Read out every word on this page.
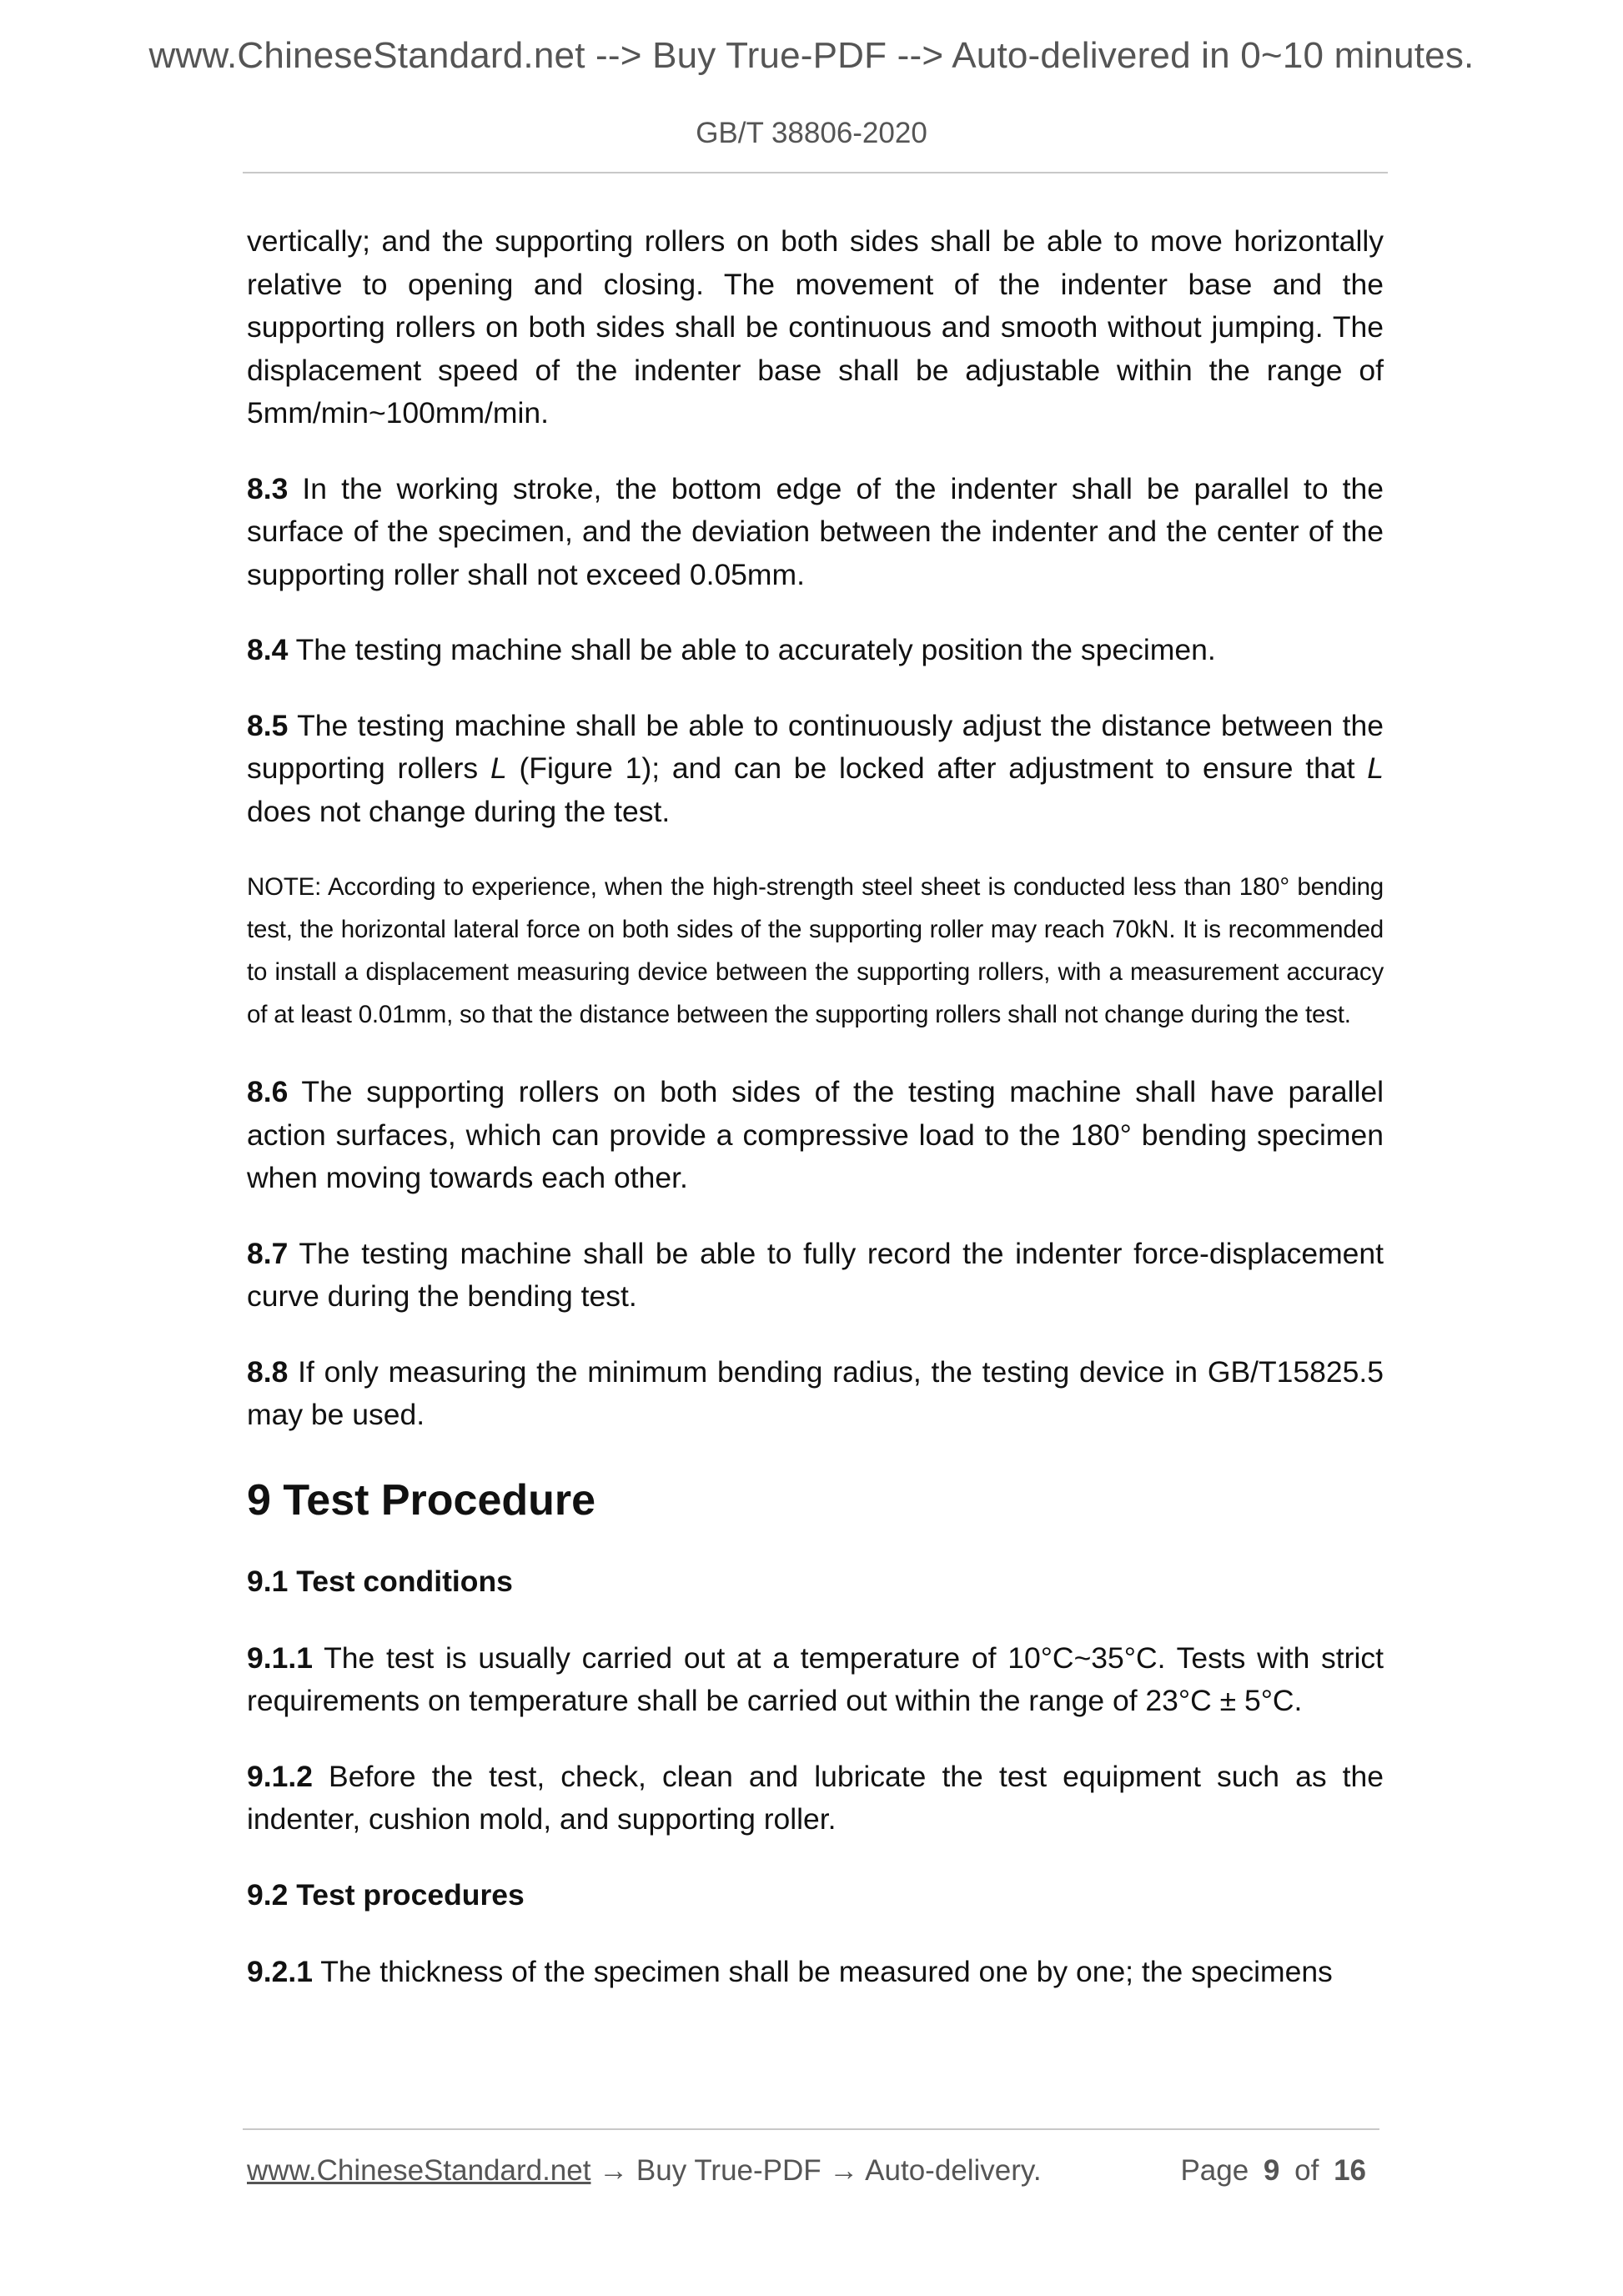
www.ChineseStandard.net --> Buy True-PDF --> Auto-delivered in 0~10 minutes.
GB/T 38806-2020

vertically; and the supporting rollers on both sides shall be able to move horizontally relative to opening and closing. The movement of the indenter base and the supporting rollers on both sides shall be continuous and smooth without jumping. The displacement speed of the indenter base shall be adjustable within the range of 5mm/min~100mm/min.

8.3 In the working stroke, the bottom edge of the indenter shall be parallel to the surface of the specimen, and the deviation between the indenter and the center of the supporting roller shall not exceed 0.05mm.

8.4 The testing machine shall be able to accurately position the specimen.

8.5 The testing machine shall be able to continuously adjust the distance between the supporting rollers L (Figure 1); and can be locked after adjustment to ensure that L does not change during the test.

NOTE: According to experience, when the high-strength steel sheet is conducted less than 180° bending test, the horizontal lateral force on both sides of the supporting roller may reach 70kN. It is recommended to install a displacement measuring device between the supporting rollers, with a measurement accuracy of at least 0.01mm, so that the distance between the supporting rollers shall not change during the test.

8.6 The supporting rollers on both sides of the testing machine shall have parallel action surfaces, which can provide a compressive load to the 180° bending specimen when moving towards each other.

8.7 The testing machine shall be able to fully record the indenter force-displacement curve during the bending test.

8.8 If only measuring the minimum bending radius, the testing device in GB/T15825.5 may be used.

9 Test Procedure
9.1 Test conditions

9.1.1 The test is usually carried out at a temperature of 10°C~35°C. Tests with strict requirements on temperature shall be carried out within the range of 23°C ± 5°C.

9.1.2 Before the test, check, clean and lubricate the test equipment such as the indenter, cushion mold, and supporting roller.

9.2 Test procedures

9.2.1 The thickness of the specimen shall be measured one by one; the specimens

www.ChineseStandard.net → Buy True-PDF → Auto-delivery.	Page 9 of 16
